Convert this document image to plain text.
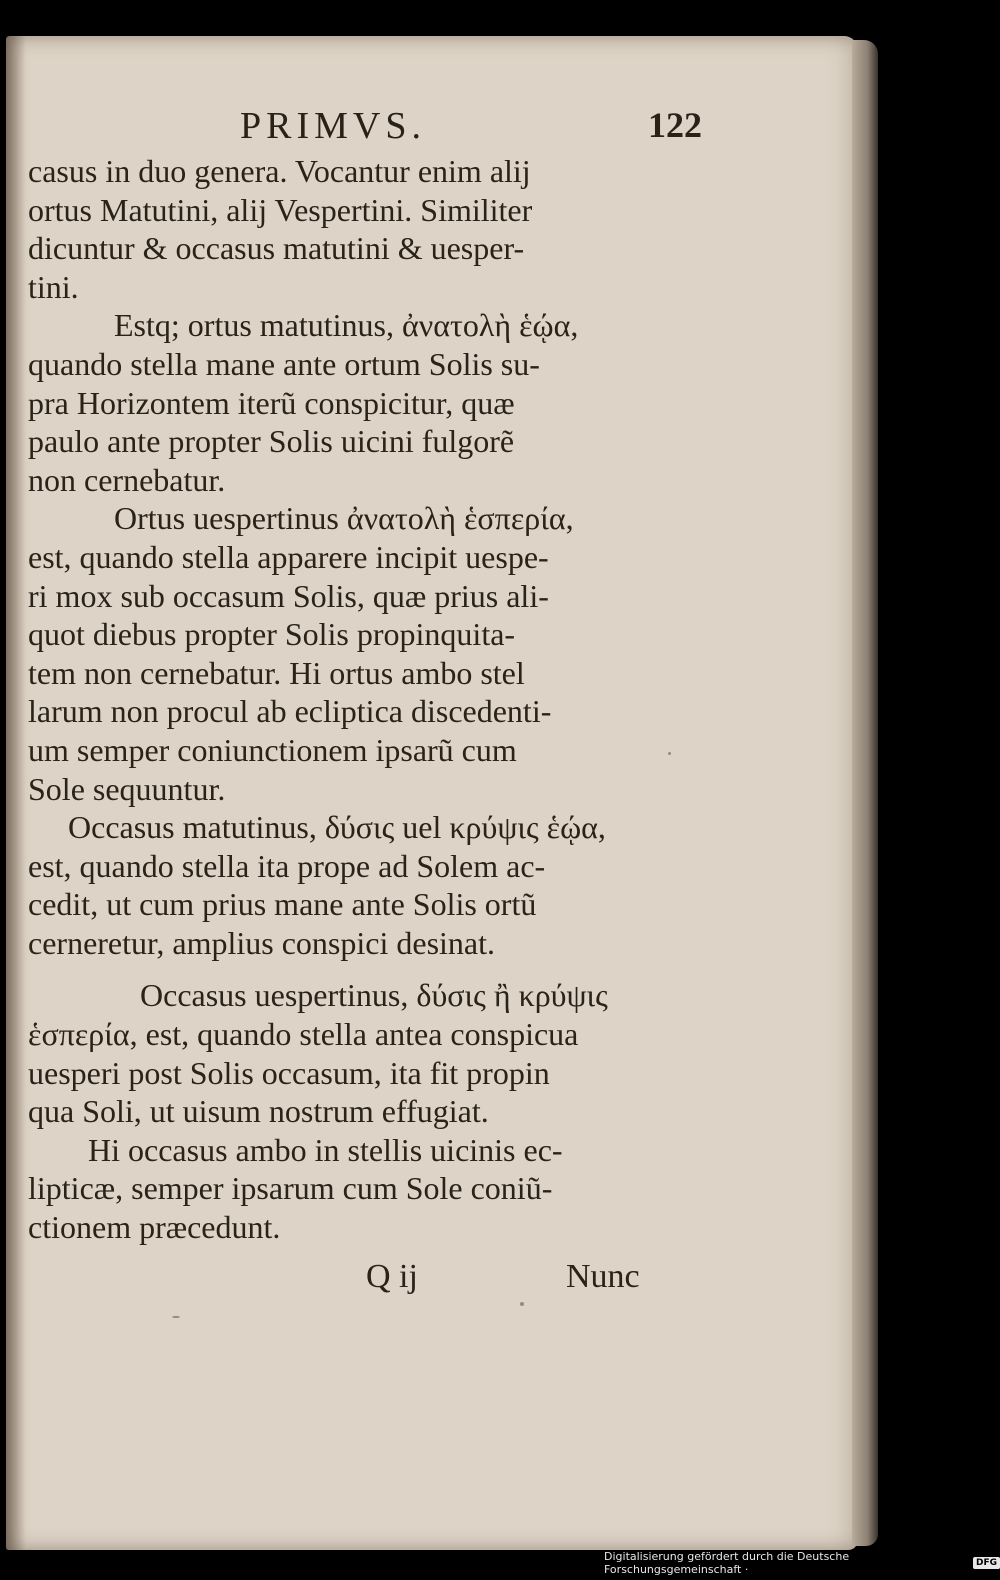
PRIMVS.	122
casus in duo genera. Vocantur enim alij
ortus Matutini, alij Vespertini. Similiter
dicuntur & occasus matutini & uesper-
tini.
Estq; ortus matutinus, ἀνατολὴ ἑῴα,
quando stella mane ante ortum Solis su-
pra Horizontem iterũ conspicitur, quæ
paulo ante propter Solis uicini fulgorẽ
non cernebatur.
Ortus uespertinus ἀνατολὴ ἑσπερία,
est, quando stella apparere incipit uespe-
ri mox sub occasum Solis, quæ prius ali-
quot diebus propter Solis propinquita-
tem non cernebatur. Hi ortus ambo stel
larum non procul ab ecliptica discedenti-
um semper coniunctionem ipsarũ cum
Sole sequuntur.
Occasus matutinus, δύσις uel κρύψις ἑῴα,
est, quando stella ita prope ad Solem ac-
cedit, ut cum prius mane ante Solis ortũ
cerneretur, amplius conspici desinat.
Occasus uespertinus, δύσις ἢ κρύψις
ἑσπερία, est, quando stella antea conspicua
uesperi post Solis occasum, ita fit propin
qua Soli, ut uisum nostrum effugiat.
Hi occasus ambo in stellis uicinis ec-
lipticæ, semper ipsarum cum Sole coniũ-
ctionem præcedunt.
Q ij	Nunc
Digitalisierung gefördert durch die Deutsche Forschungsgemeinschaft ·	DFG
